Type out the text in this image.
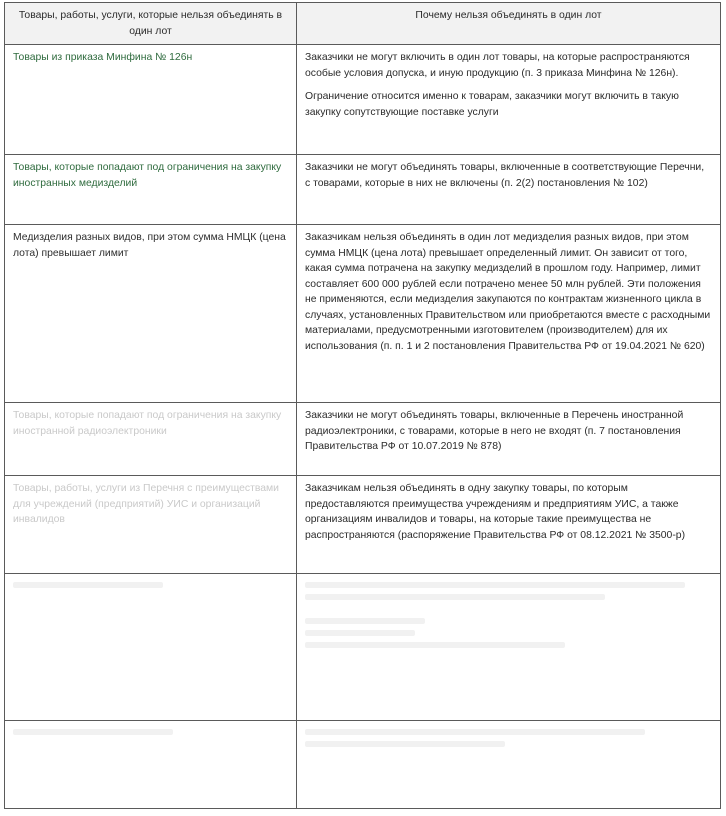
Товары, работы, услуги, которые нельзя объединять в один лот	Почему нельзя объединять в один лот
Товары из приказа Минфина № 126н	Заказчики не могут включить в один лот товары, на которые распространяются особые условия допуска, и иную продукцию (п. 3 приказа Минфина № 126н).

Ограничение относится именно к товарам, заказчики могут включить в такую закупку сопутствующие поставке услуги

Товары, которые попадают под ограничения на закупку иностранных медизделий	Заказчики не могут объединять товары, включенные в соответствующие Перечни, с товарами, которые в них не включены (п. 2(2) постановления № 102)

Медизделия разных видов, при этом сумма НМЦК (цена лота) превышает лимит	Заказчикам нельзя объединять в один лот медизделия разных видов, при этом сумма НМЦК (цена лота) превышает определенный лимит. Он зависит от того, какая сумма потрачена на закупку медизделий в прошлом году. Например, лимит составляет 600 000 рублей если потрачено менее 50 млн рублей. Эти положения не применяются, если медизделия закупаются по контрактам жизненного цикла в случаях, установленных Правительством или приобретаются вместе с расходными материалами, предусмотренными изготовителем (производителем) для их использования (п. п. 1 и 2 постановления Правительства РФ от 19.04.2021 № 620)

Товары, которые попадают под ограничения на закупку иностранной радиоэлектроники	Заказчики не могут объединять товары, включенные в Перечень иностранной радиоэлектроники, с товарами, которые в него не входят (п. 7 постановления Правительства РФ от 10.07.2019 № 878)

Товары, работы, услуги из Перечня с преимуществами для учреждений (предприятий) УИС и организаций инвалидов	Заказчикам нельзя объединять в одну закупку товары, по которым предоставляются преимущества учреждениям и предприятиям УИС, а также организациям инвалидов и товары, на которые такие преимущества не распространяются (распоряжение Правительства РФ от 08.12.2021 № 3500-р)
